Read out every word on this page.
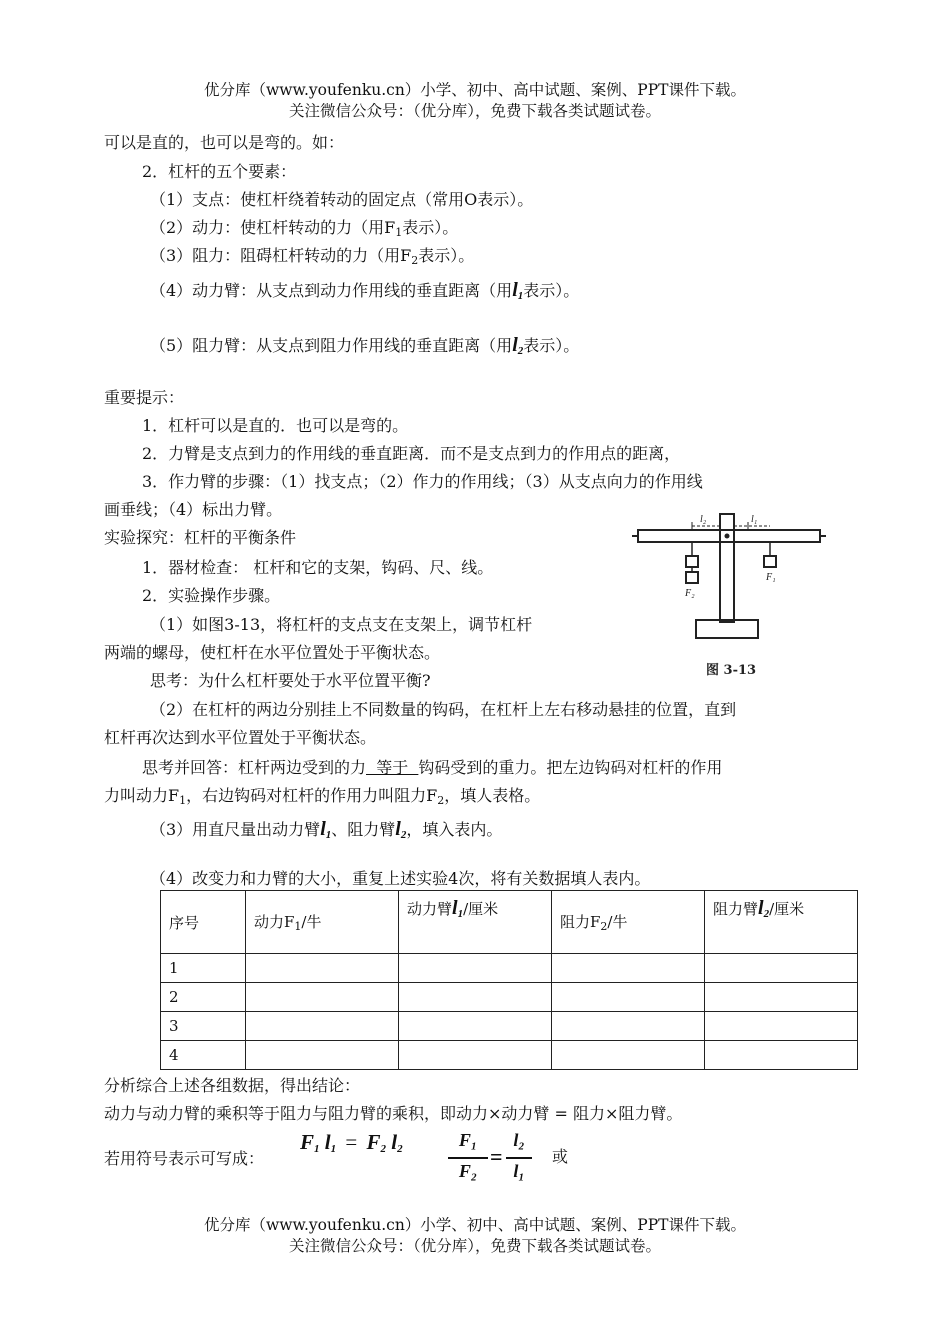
优分库（www.youfenku.cn）小学、初中、高中试题、案例、PPT课件下载。
关注微信公众号：（优分库），免费下载各类试题试卷。
可以是直的，也可以是弯的。如：
2．杠杆的五个要素：
（1）支点：使杠杆绕着转动的固定点（常用O表示）。
（2）动力：使杠杆转动的力（用$F_1$表示）。
（3）阻力：阻碍杠杆转动的力（用$F_2$表示）。
（4）动力臂：从支点到动力作用线的垂直距离（用$l_1$表示）。
（5）阻力臂：从支点到阻力作用线的垂直距离（用$l_2$表示）。
重要提示：
1．杠杆可以是直的．也可以是弯的。
2．力臂是支点到力的作用线的垂直距离．而不是支点到力的作用点的距离，
3．作力臂的步骤：（1）找支点；（2）作力的作用线；（3）从支点向力的作用线
画垂线；（4）标出力臂。
实验探究：杠杆的平衡条件
1．器材检查： 杠杆和它的支架，钩码、尺、线。
2．实验操作步骤。
（1）如图3-13，将杠杆的支点支在支架上，调节杠杆
两端的螺母，使杠杆在水平位置处于平衡状态。
思考：为什么杠杆要处于水平位置平衡?
（2）在杠杆的两边分别挂上不同数量的钩码，在杠杆上左右移动悬挂的位置，直到
杠杆再次达到水平位置处于平衡状态。
思考并回答：杠杆两边受到的力  等于  钩码受到的重力。把左边钩码对杠杆的作用
力叫动力$F_1$，右边钩码对杠杆的作用力叫阻力$F_2$，填人表格。
（3）用直尺量出动力臂$l_1$、阻力臂$l_2$，填入表内。
（4）改变力和力臂的大小，重复上述实验4次，将有关数据填人表内。
l₂	l₁
F₁
F₂
图 3-13
序号	动力$F_1/$牛	动力臂$l_1/$厘米	阻力$F_2/$牛	阻力臂$l_2/$厘米
1				
2				
3				
4				
分析综合上述各组数据，得出结论：
动力与动力臂的乘积等于阻力与阻力臂的乘积，即动力×动力臂 = 阻力×阻力臂。
若用符号表示可写成：
$F_1$ $l_1 = F_2$ $l_2$	F₁
F₂
=
l₂
l₁
或
优分库（www.youfenku.cn）小学、初中、高中试题、案例、PPT课件下载。
关注微信公众号：（优分库），免费下载各类试题试卷。
